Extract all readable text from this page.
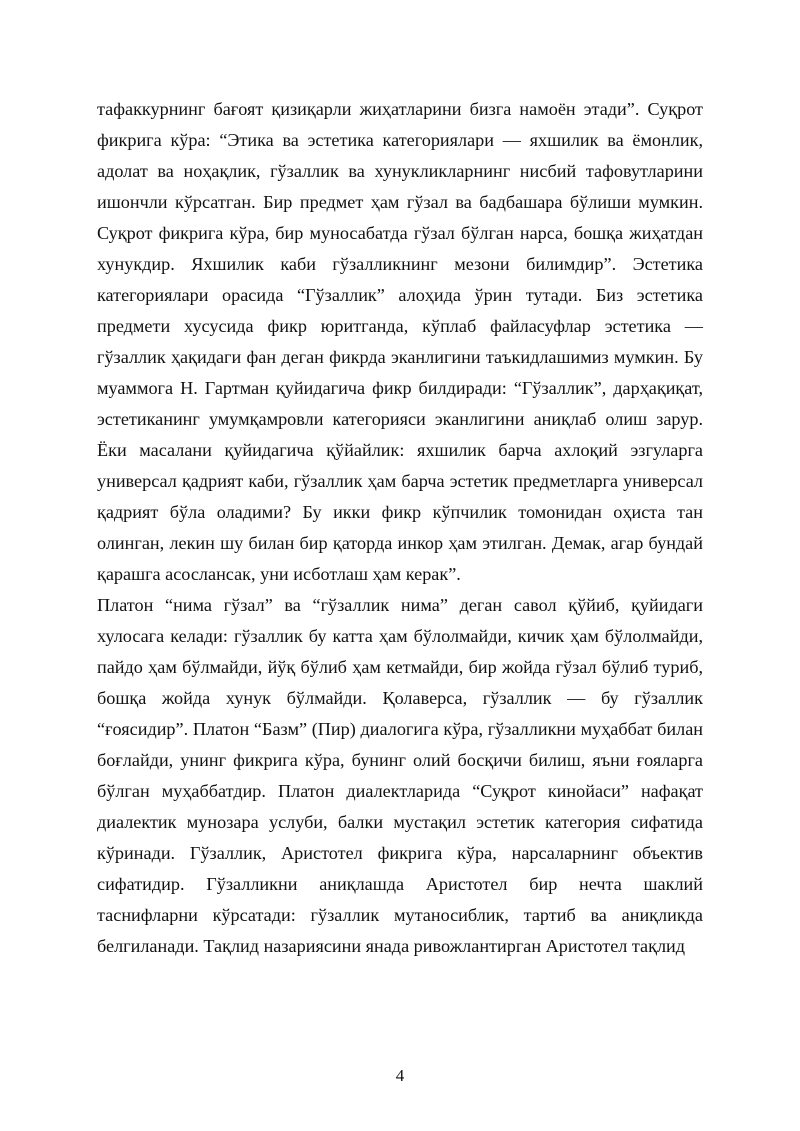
тафаккурнинг бағоят қизиқарли жиҳатларини бизга намоён этади”. Суқрот фикрига кўра: “Этика ва эстетика категориялари — яхшилик ва ёмонлик, адолат ва ноҳақлик, гўзаллик ва хунукликларнинг нисбий тафовутларини ишончли кўрсатган. Бир предмет ҳам гўзал ва бадбашара бўлиши мумкин. Суқрот фикрига кўра, бир муносабатда гўзал бўлган нарса, бошқа жиҳатдан хунукдир. Яхшилик каби гўзалликнинг мезони билимдир”. Эстетика категориялари орасида “Гўзаллик” алоҳида ўрин тутади. Биз эстетика предмети хусусида фикр юритганда, кўплаб файласуфлар эстетика — гўзаллик ҳақидаги фан деган фикрда эканлигини таъкидлашимиз мумкин. Бу муаммога Н. Гартман қуйидагича фикр билдиради: “Гўзаллик”, дарҳақиқат, эстетиканинг умумқамровли категорияси эканлигини аниқлаб олиш зарур. Ёки масалани қуйидагича қўйайлик: яхшилик барча ахлоқий эзгуларга универсал қадрият каби, гўзаллик ҳам барча эстетик предметларга универсал қадрият бўла оладими? Бу икки фикр кўпчилик томонидан оҳиста тан олинган, лекин шу билан бир қаторда инкор ҳам этилган. Демак, агар бундай қарашга асослансак, уни исботлаш ҳам керак”.

Платон “нима гўзал” ва “гўзаллик нима” деган савол қўйиб, қуйидаги хулосага келади: гўзаллик бу катта ҳам бўлолмайди, кичик ҳам бўлолмайди, пайдо ҳам бўлмайди, йўқ бўлиб ҳам кетмайди, бир жойда гўзал бўлиб туриб, бошқа жойда хунук бўлмайди. Қолаверса, гўзаллик — бу гўзаллик “ғоясидир”. Платон “Базм” (Пир) диалогига кўра, гўзалликни муҳаббат билан боғлайди, унинг фикрига кўра, бунинг олий босқичи билиш, яъни ғояларга бўлган муҳаббатдир. Платон диалектларида “Суқрот кинойаси” нафақат диалектик мунозара услуби, балки мустақил эстетик категория сифатида кўринади. Гўзаллик, Аристотел фикрига кўра, нарсаларнинг объектив сифатидир. Гўзалликни аниқлашда Аристотел бир нечта шаклий таснифларни кўрсатади: гўзаллик мутаносиблик, тартиб ва аниқликда белгиланади. Тақлид назариясини янада ривожлантирган Аристотел тақлид

4
